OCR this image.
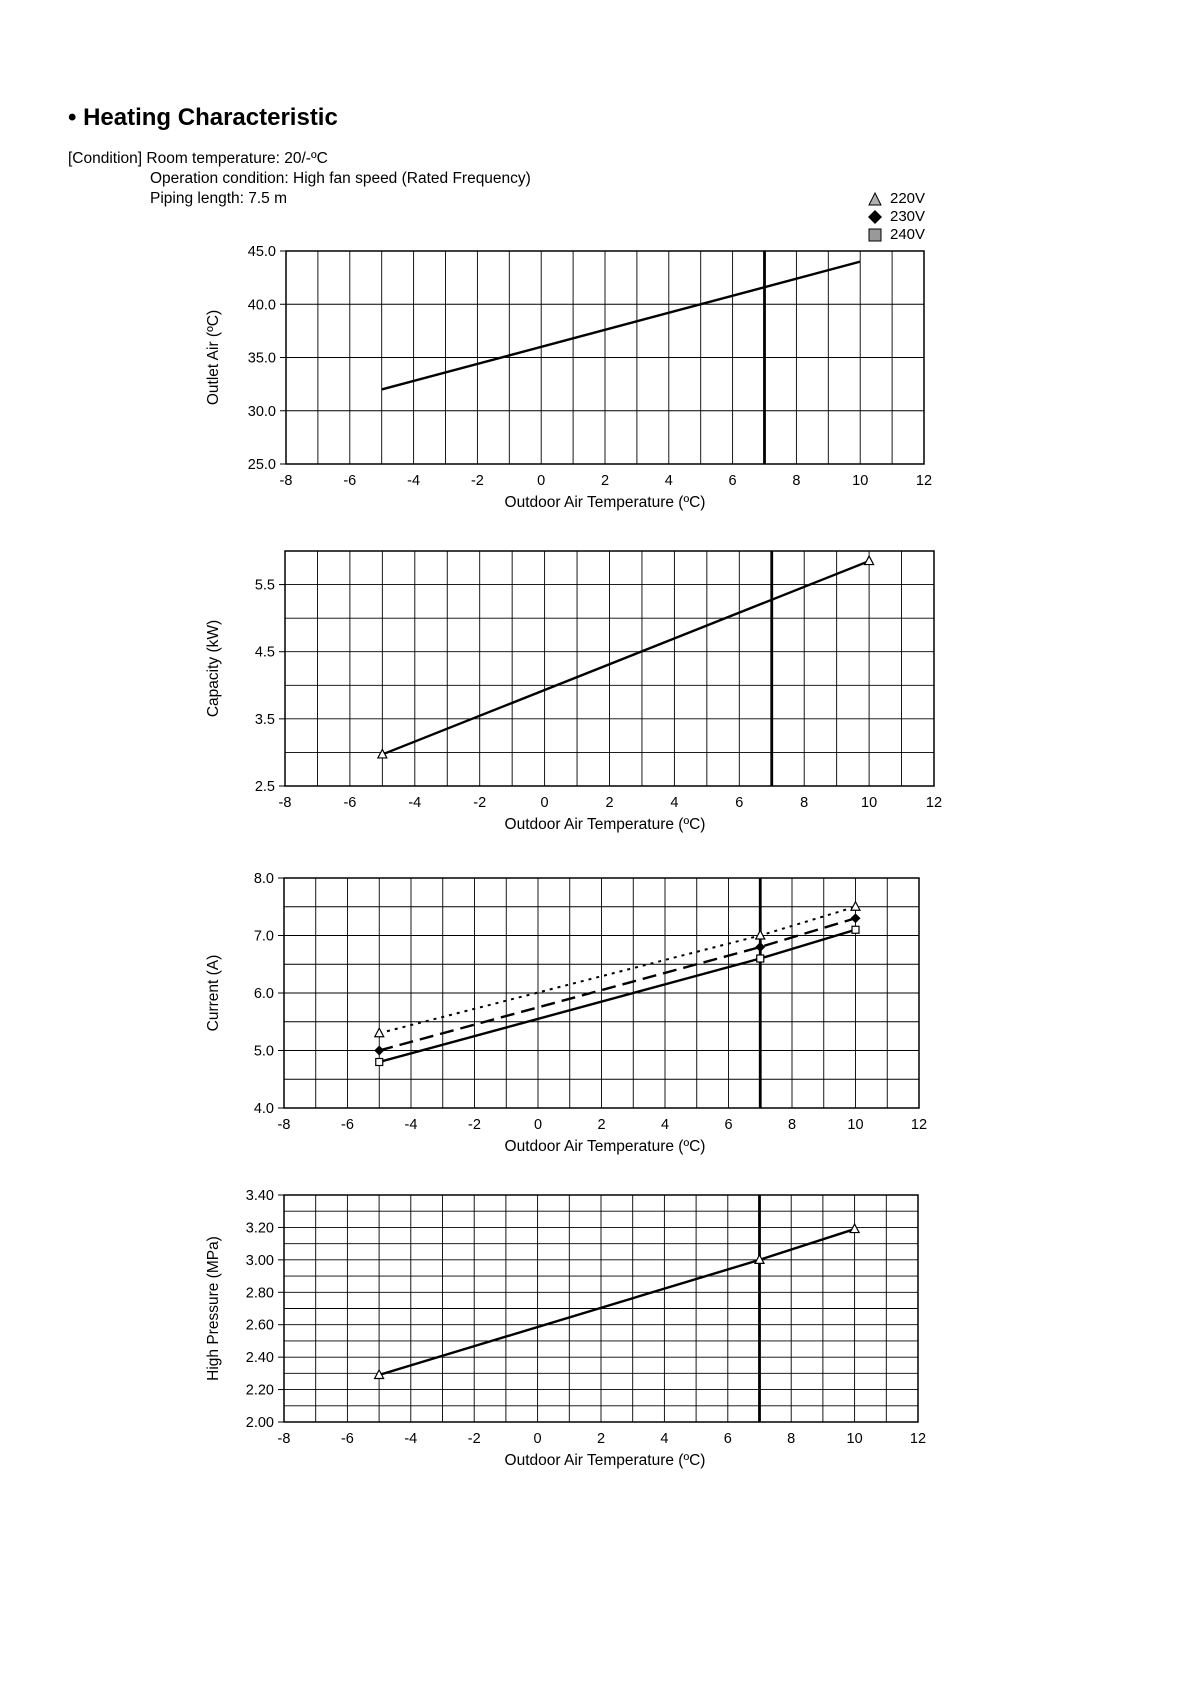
• Heating Characteristic
[Condition] Room temperature: 20/-ºC
Operation condition: High fan speed (Rated Frequency)
Piping length: 7.5 m	220V
230V
240V
25.0
30.0
35.0
40.0
45.0
-8	-6	-4	-2	0	2	4	6	8	10	12
Outdoor Air Temperature (ºC)
Outlet Air (ºC)
2.5
3.5
4.5
5.5
-8	-6	-4	-2	0	2	4	6	8	10	12
Outdoor Air Temperature (ºC)
Capacity (kW)
4.0
5.0
6.0
7.0
8.0
-8	-6	-4	-2	0	2	4	6	8	10	12
Outdoor Air Temperature (ºC)
Current (A)
2.00
2.20
2.40
2.60
2.80
3.00
3.20
3.40
-8	-6	-4	-2	0	2	4	6	8	10	12
Outdoor Air Temperature (ºC)
High Pressure (MPa)
